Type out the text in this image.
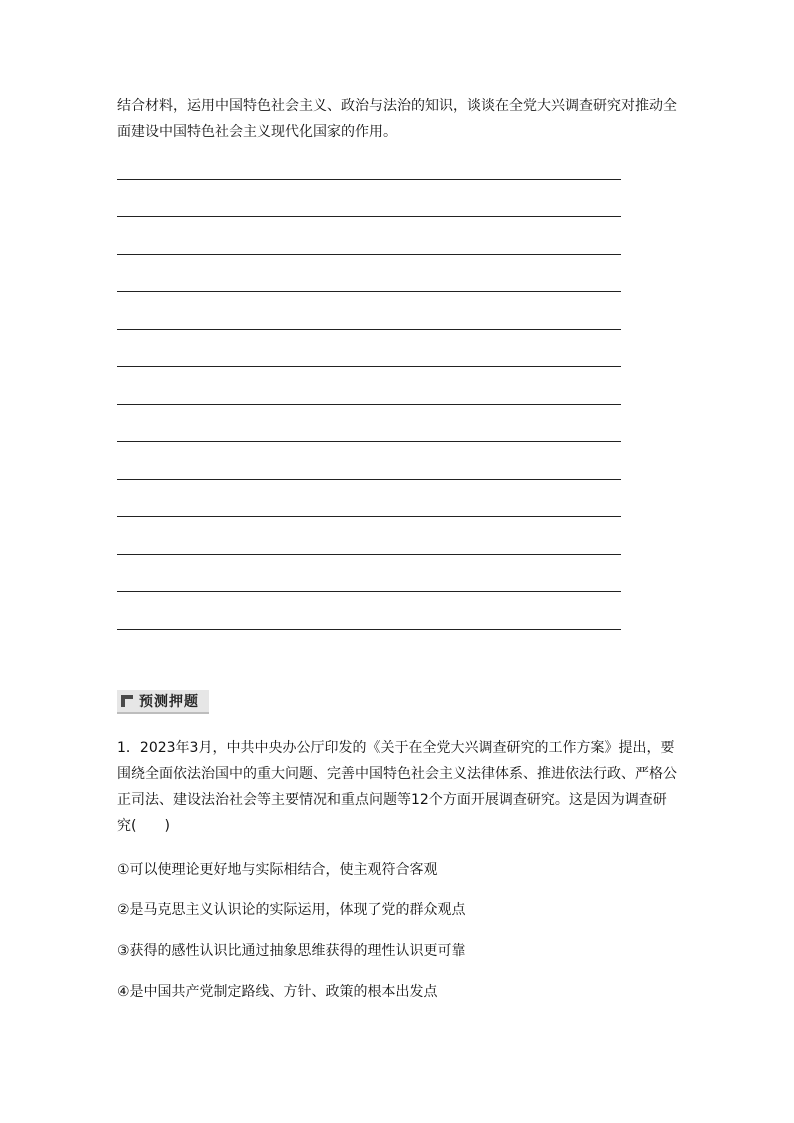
结合材料，运用中国特色社会主义、政治与法治的知识，谈谈在全党大兴调查研究对推动全面建设中国特色社会主义现代化国家的作用。

预测押题

1．2023年3月，中共中央办公厅印发的《关于在全党大兴调查研究的工作方案》提出，要围绕全面依法治国中的重大问题、完善中国特色社会主义法律体系、推进依法行政、严格公正司法、建设法治社会等主要情况和重点问题等12个方面开展调查研究。这是因为调查研究(　　)

①可以使理论更好地与实际相结合，使主观符合客观

②是马克思主义认识论的实际运用，体现了党的群众观点

③获得的感性认识比通过抽象思维获得的理性认识更可靠

④是中国共产党制定路线、方针、政策的根本出发点
